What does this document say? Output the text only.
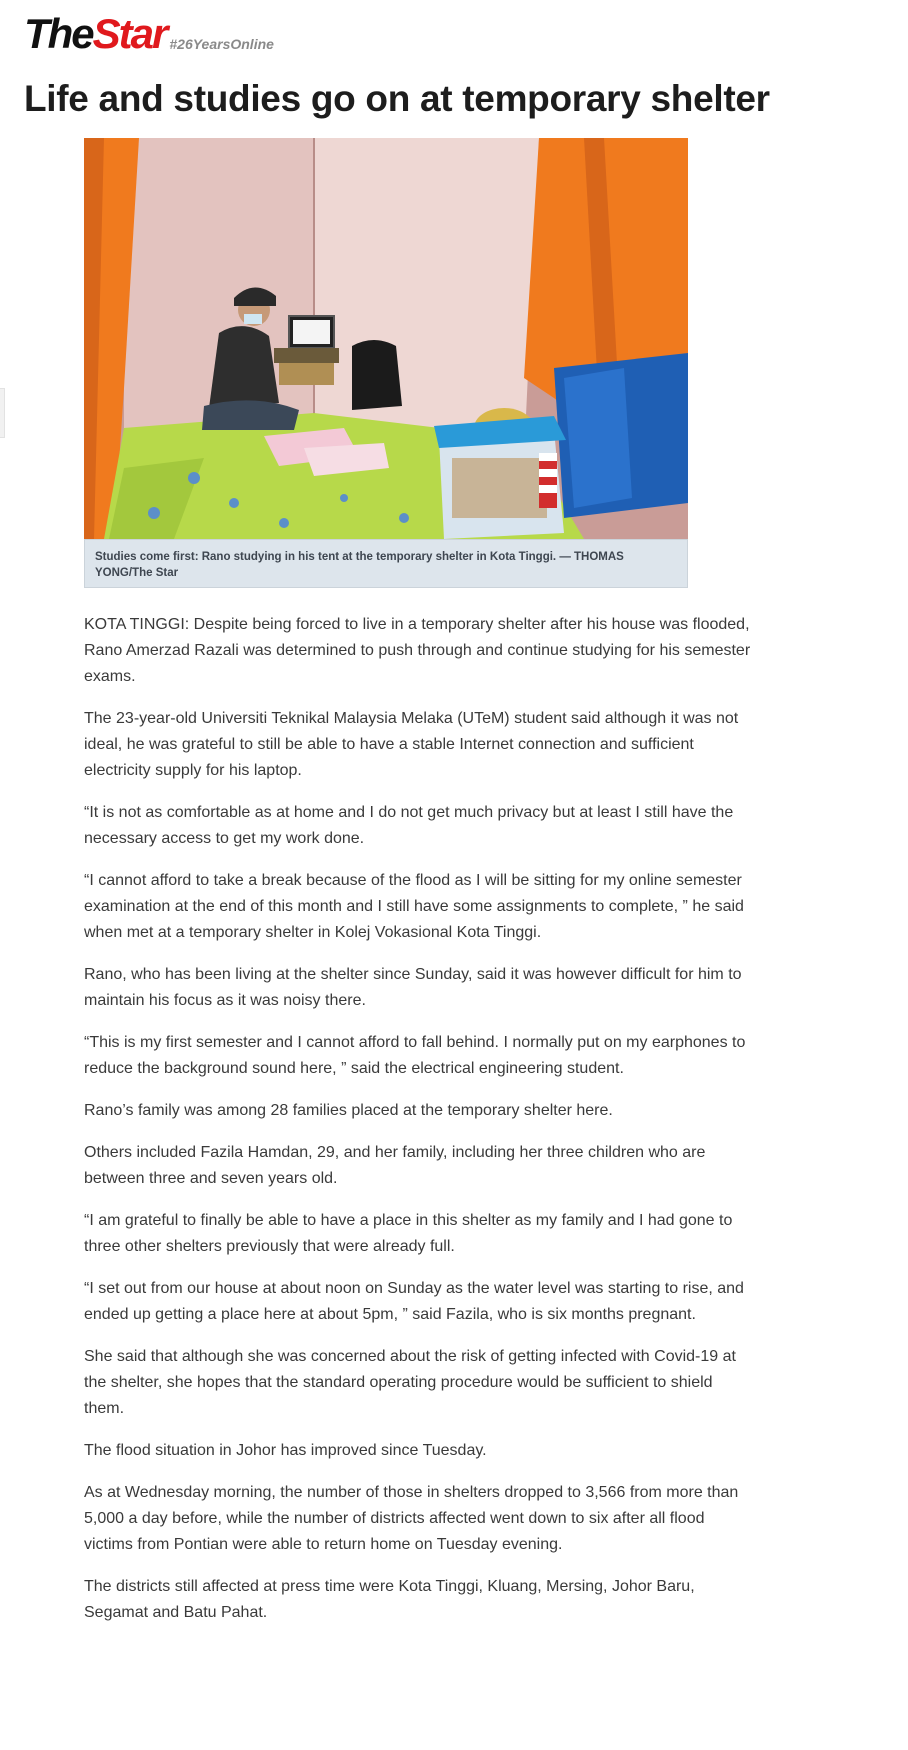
TheStar #26YearsOnline
Life and studies go on at temporary shelter
Studies come first: Rano studying in his tent at the temporary shelter in Kota Tinggi. — THOMAS YONG/The Star

KOTA TINGGI: Despite being forced to live in a temporary shelter after his house was flooded, Rano Amerzad Razali was determined to push through and continue studying for his semester exams.

The 23-year-old Universiti Teknikal Malaysia Melaka (UTeM) student said although it was not ideal, he was grateful to still be able to have a stable Internet connection and sufficient electricity supply for his laptop.

“It is not as comfortable as at home and I do not get much privacy but at least I still have the necessary access to get my work done.

“I cannot afford to take a break because of the flood as I will be sitting for my online semester examination at the end of this month and I still have some assignments to complete, ” he said when met at a temporary shelter in Kolej Vokasional Kota Tinggi.

Rano, who has been living at the shelter since Sunday, said it was however difficult for him to maintain his focus as it was noisy there.

“This is my first semester and I cannot afford to fall behind. I normally put on my earphones to reduce the background sound here, ” said the electrical engineering student.

Rano’s family was among 28 families placed at the temporary shelter here.

Others included Fazila Hamdan, 29, and her family, including her three children who are between three and seven years old.

“I am grateful to finally be able to have a place in this shelter as my family and I had gone to three other shelters previously that were already full.

“I set out from our house at about noon on Sunday as the water level was starting to rise, and ended up getting a place here at about 5pm, ” said Fazila, who is six months pregnant.

She said that although she was concerned about the risk of getting infected with Covid-19 at the shelter, she hopes that the standard operating procedure would be sufficient to shield them.

The flood situation in Johor has improved since Tuesday.

As at Wednesday morning, the number of those in shelters dropped to 3,566 from more than 5,000 a day before, while the number of districts affected went down to six after all flood victims from Pontian were able to return home on Tuesday evening.

The districts still affected at press time were Kota Tinggi, Kluang, Mersing, Johor Baru, Segamat and Batu Pahat.
